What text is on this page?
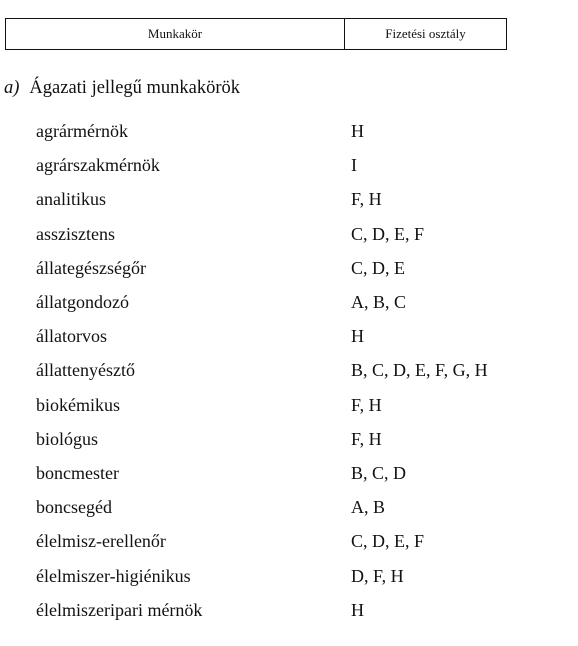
Munkakör	Fizetési osztály
a) Ágazati jellegű munkakörök
agrármérnök	H
agrárszakmérnök	I
analitikus	F, H
asszisztens	C, D, E, F
állategészségőr	C, D, E
állatgondozó	A, B, C
állatorvos	H
állattenyésztő	B, C, D, E, F, G, H
biokémikus	F, H
biológus	F, H
boncmester	B, C, D
boncsegéd	A, B
élelmisz-erellenőr	C, D, E, F
élelmiszer-higiénikus	D, F, H
élelmiszeripari mérnök	H
